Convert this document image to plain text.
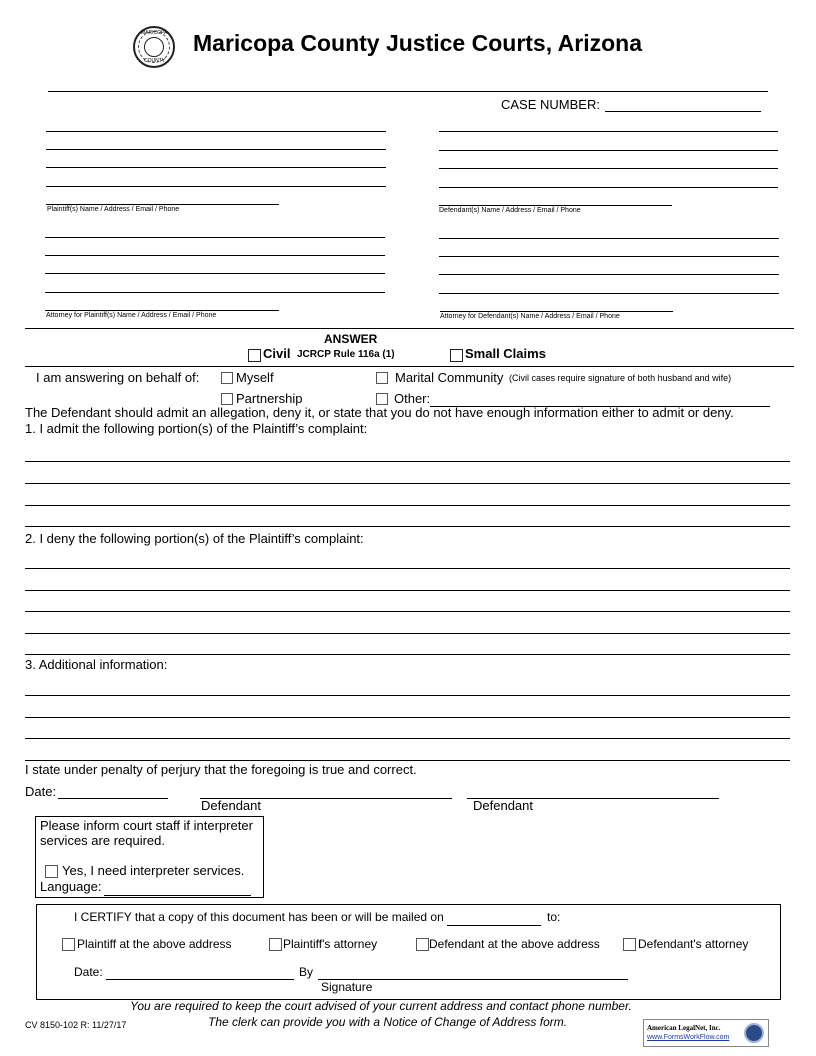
MARICOPA
COUNTY
Maricopa County Justice Courts, Arizona
CASE NUMBER:
Plaintiff(s) Name / Address / Email / Phone	Defendant(s) Name / Address / Email / Phone
Attorney for Plaintiff(s) Name / Address / Email / Phone	Attorney for Defendant(s) Name / Address / Email / Phone
ANSWER
Civil JCRCP Rule 116a (1)	Small Claims
I am answering on behalf of:	Myself	Marital Community (Civil cases require signature of both husband and wife)
Partnership	Other:
The Defendant should admit an allegation, deny it, or state that you do not have enough information either to admit or deny.
1. I admit the following portion(s) of the Plaintiff’s complaint:
2. I deny the following portion(s) of the Plaintiff’s complaint:
3. Additional information:
I state under penalty of perjury that the foregoing is true and correct.
Date:
Defendant	Defendant
Please inform court staff if interpreter
services are required.
Yes, I need interpreter services.
Language:
I CERTIFY that a copy of this document has been or will be mailed on	to:
Plaintiff at the above address	Plaintiff's attorney	Defendant at the above address	Defendant's attorney
Date:	By
Signature
You are required to keep the court advised of your current address and contact phone number.
The clerk can provide you with a Notice of Change of Address form.
CV 8150-102 R: 11/27/17	American LegalNet, Inc.
www.FormsWorkFlow.com
